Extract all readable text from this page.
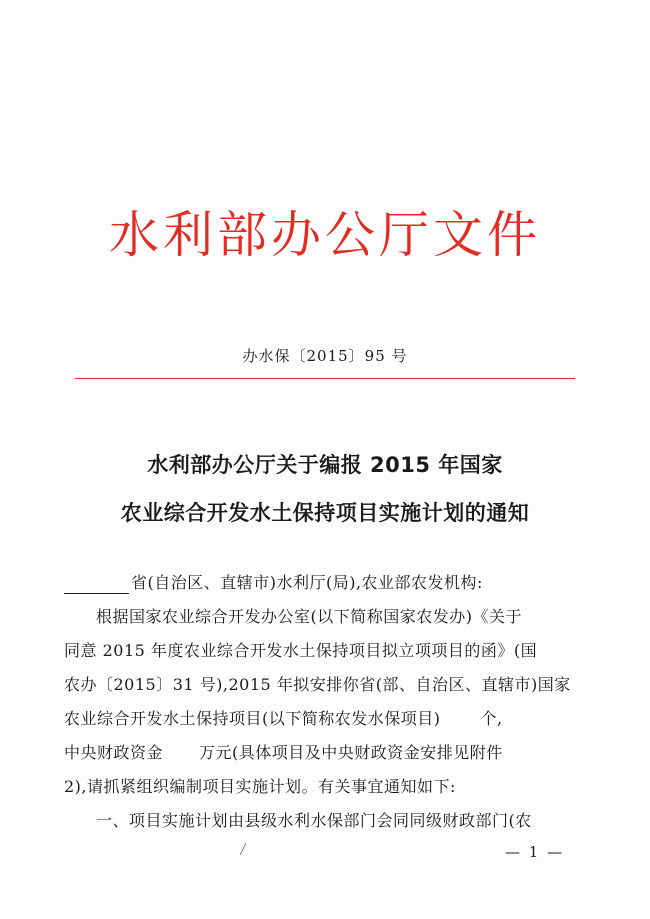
水利部办公厅文件
办水保〔2015〕95 号
水利部办公厅关于编报 2015 年国家
农业综合开发水土保持项目实施计划的通知
省(自治区、直辖市)水利厅(局),农业部农发机构:
根据国家农业综合开发办公室(以下简称国家农发办)《关于
同意 2015 年度农业综合开发水土保持项目拟立项项目的函》(国
农办〔2015〕31 号),2015 年拟安排你省(部、自治区、直辖市)国家
农业综合开发水土保持项目(以下简称农发水保项目)	个,
中央财政资金 万元(具体项目及中央财政资金安排见附件
2),请抓紧组织编制项目实施计划。有关事宜通知如下:
一、项目实施计划由县级水利水保部门会同同级财政部门(农
— 1 —
